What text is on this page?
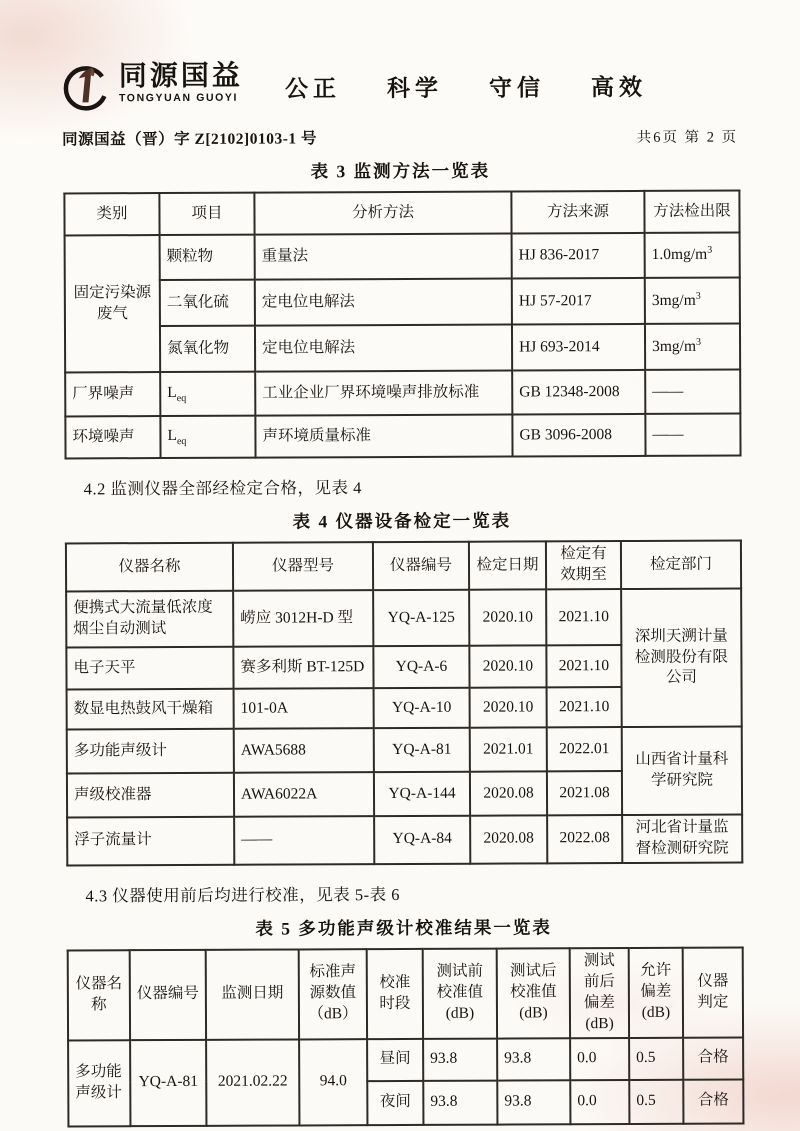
同源国益
TONGYUAN GUOYI 公正 科学 守信 高效
同源国益（晋）字 Z[2102]0103-1 号	共6页 第 2 页
表 3 监测方法一览表
类别	项目	分析方法	方法来源	方法检出限
固定污染源废气	颗粒物	重量法	HJ 836-2017	$1.0mg/m^3$
	二氧化硫	定电位电解法	HJ 57-2017	$3mg/m^3$
	氮氧化物	定电位电解法	HJ 693-2014	$3mg/m^3$
厂界噪声	$L_{eq}$	工业企业厂界环境噪声排放标准	GB 12348-2008	——
环境噪声	$L_{eq}$	声环境质量标准	GB 3096-2008	——

4.2 监测仪器全部经检定合格，见表 4

表 4 仪器设备检定一览表
仪器名称	仪器型号	仪器编号	检定日期	检定有效期至	检定部门
便携式大流量低浓度烟尘自动测试	崂应 3012H-D 型	YQ-A-125	2020.10	2021.10	深圳天溯计量检测股份有限公司
电子天平	赛多利斯 BT-125D	YQ-A-6	2020.10	2021.10	
数显电热鼓风干燥箱	101-0A	YQ-A-10	2020.10	2021.10	
多功能声级计	AWA5688	YQ-A-81	2021.01	2022.01	山西省计量科学研究院
声级校准器	AWA6022A	YQ-A-144	2020.08	2021.08	
浮子流量计	——	YQ-A-84	2020.08	2022.08	河北省计量监督检测研究院

4.3 仪器使用前后均进行校准，见表 5-表 6

表 5 多功能声级计校准结果一览表
仪器名称	仪器编号	监测日期	标准声源数值（dB）	校准时段	测试前校准值 (dB)	测试后校准值 (dB)	测试前后偏差 (dB)	允许偏差 (dB)	仪器判定
多功能声级计	YQ-A-81	2021.02.22	94.0	昼间	93.8	93.8	0.0	0.5	合格
				夜间	93.8	93.8	0.0	0.5	合格
